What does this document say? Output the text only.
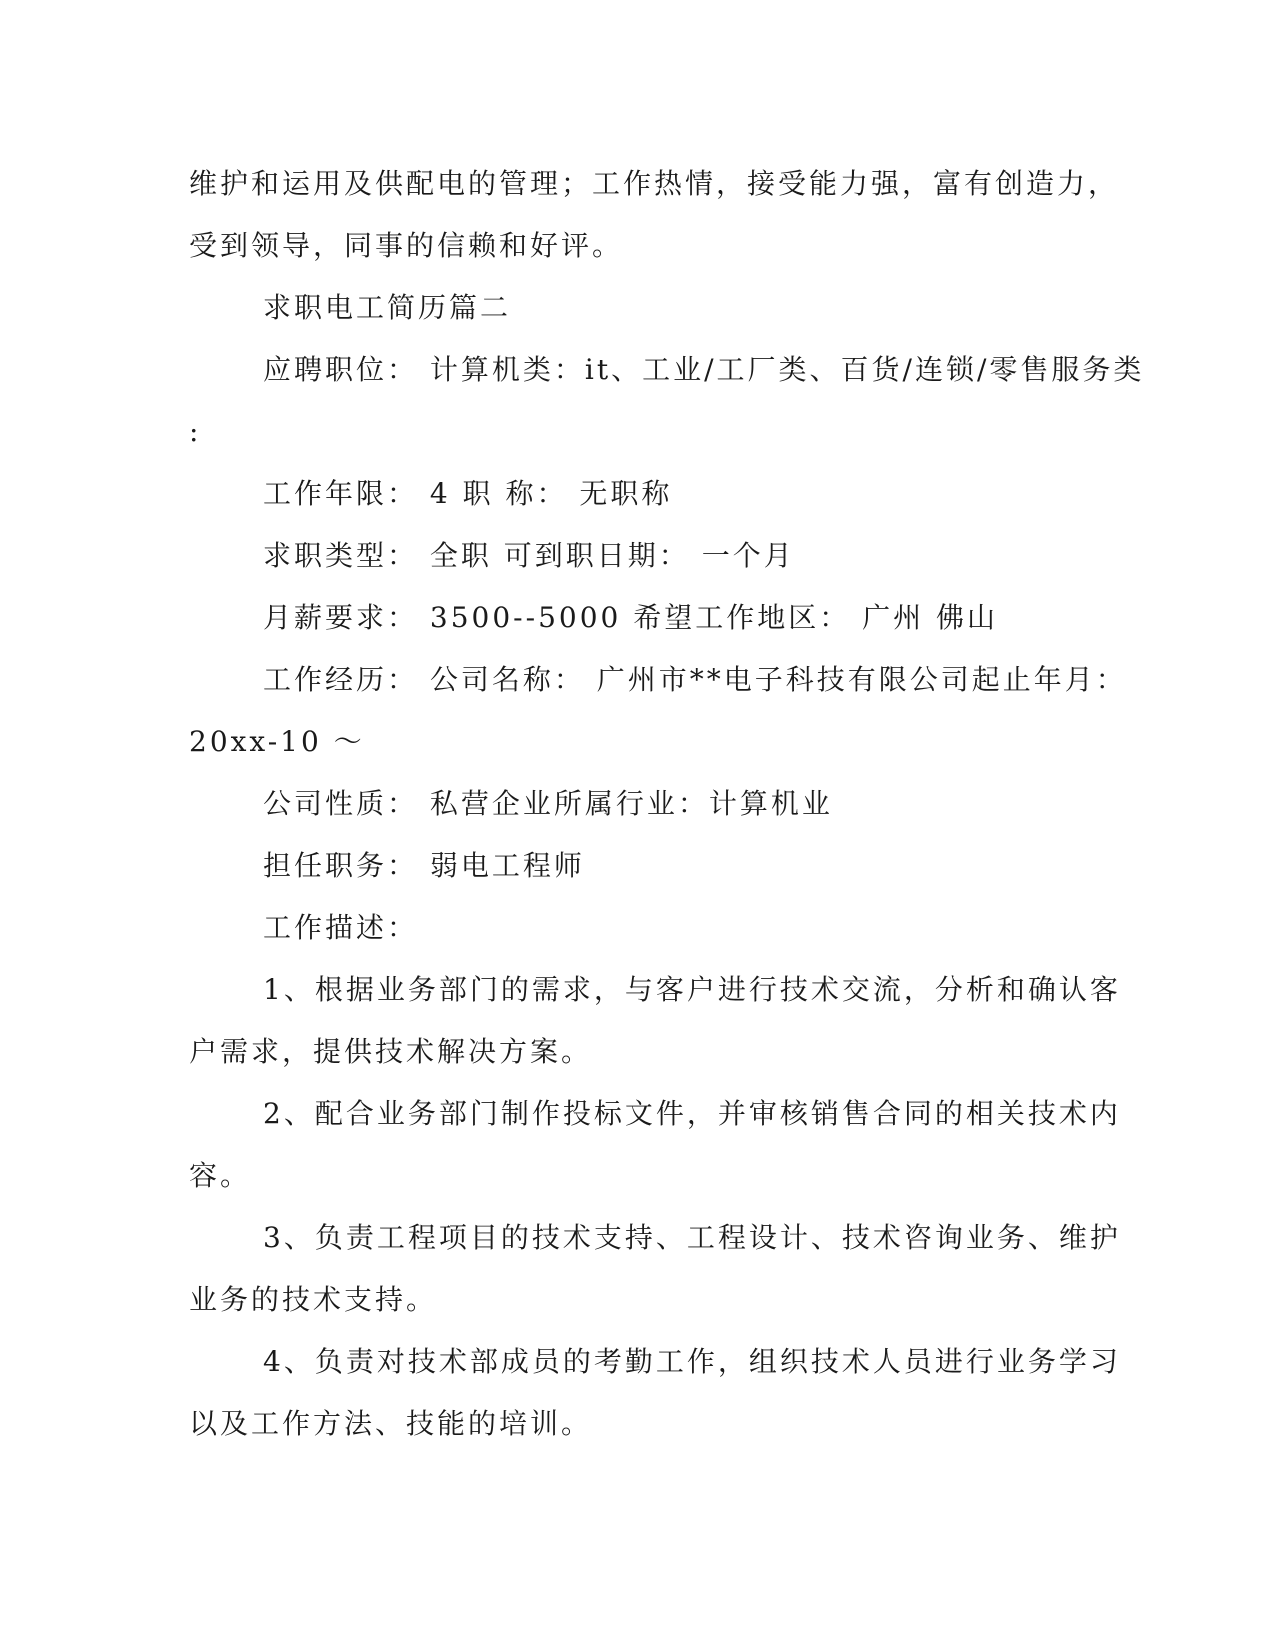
维护和运用及供配电的管理；工作热情，接受能力强，富有创造力，
受到领导，同事的信赖和好评。
求职电工简历篇二
应聘职位： 计算机类：it、工业/工厂类、百货/连锁/零售服务类
:
工作年限： 4 职 称： 无职称
求职类型： 全职 可到职日期： 一个月
月薪要求： 3500--5000 希望工作地区： 广州 佛山
工作经历： 公司名称： 广州市**电子科技有限公司起止年月：
20xx-10 ～
公司性质： 私营企业所属行业：计算机业
担任职务： 弱电工程师
工作描述：
1、根据业务部门的需求，与客户进行技术交流，分析和确认客
户需求，提供技术解决方案。
2、配合业务部门制作投标文件，并审核销售合同的相关技术内
容。
3、负责工程项目的技术支持、工程设计、技术咨询业务、维护
业务的技术支持。
4、负责对技术部成员的考勤工作，组织技术人员进行业务学习
以及工作方法、技能的培训。
